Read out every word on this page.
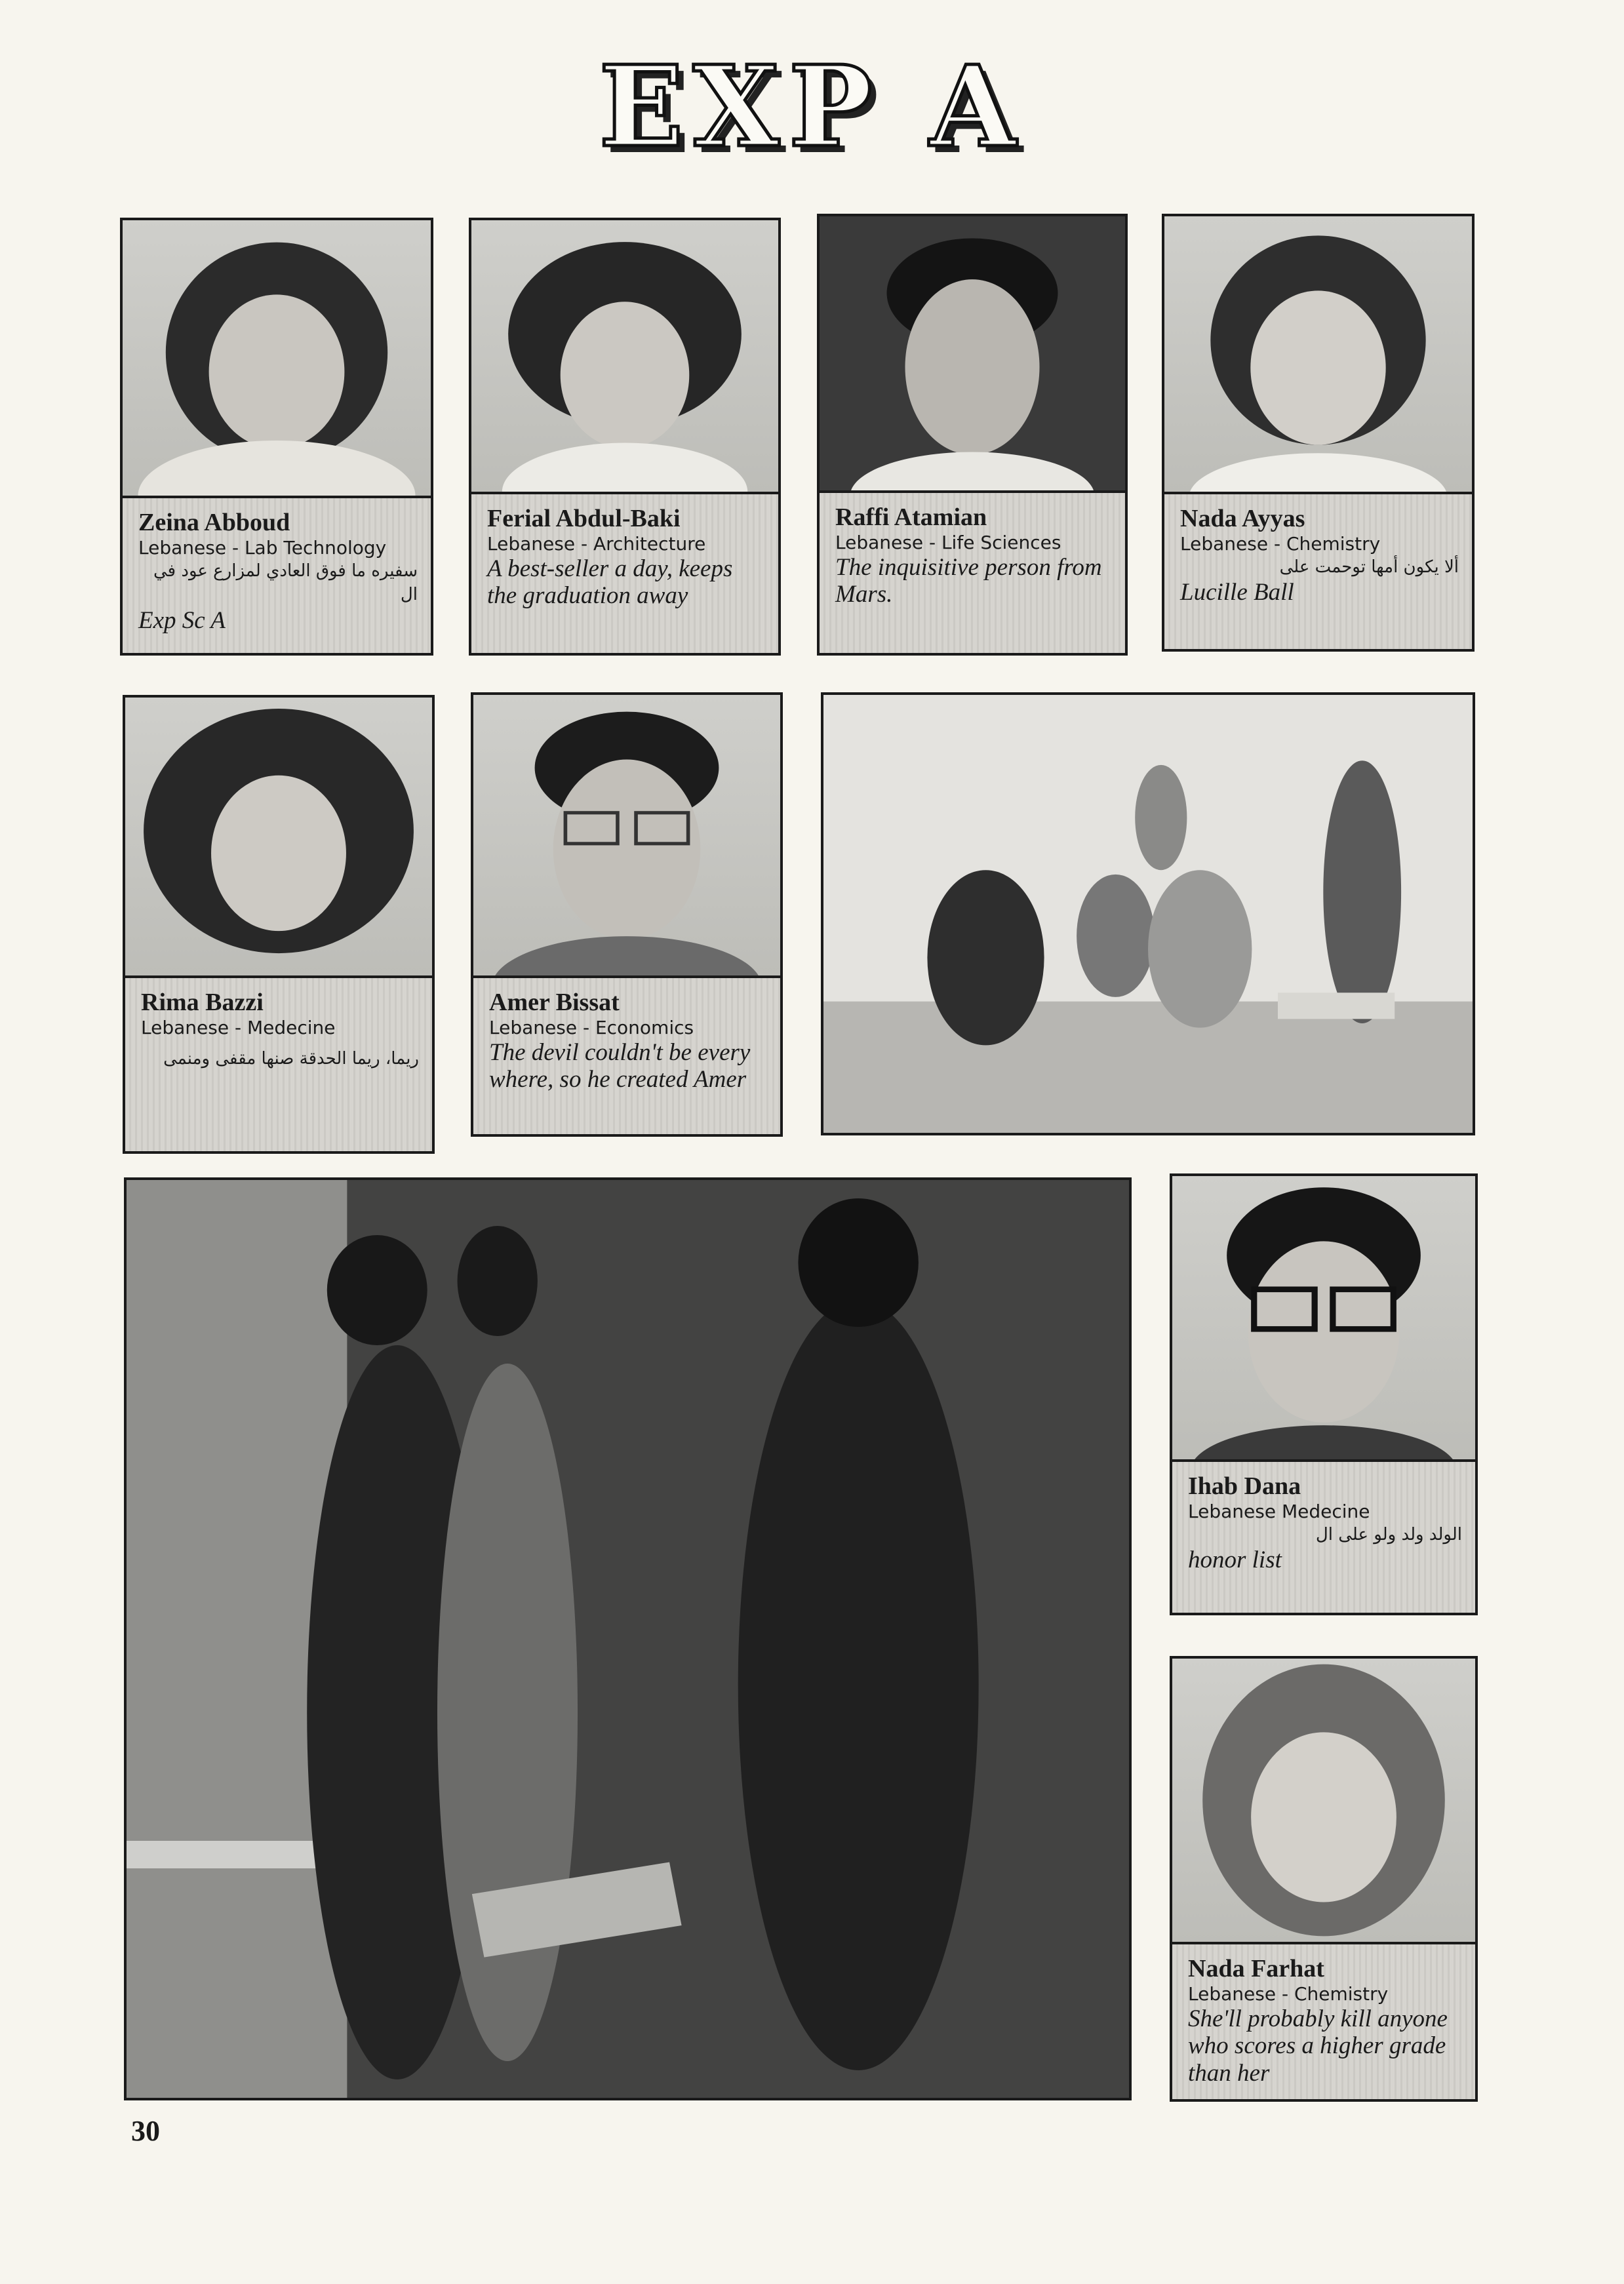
EXP A
Zeina Abboud
Lebanese - Lab Technology
سفيره ما فوق العادي لمزارع عود في ال
Exp Sc A
Ferial Abdul-Baki
Lebanese - Architecture
A best-seller a day, keeps the graduation away
Raffi Atamian
Lebanese - Life Sciences
The inquisitive person from Mars.
Nada Ayyas
Lebanese - Chemistry
ألا يكون أمها توحمت على
Lucille Ball
Rima Bazzi
Lebanese - Medecine
ريما، ريما الحدقة صنها مقفى ومنمى
Amer Bissat
Lebanese - Economics
The devil couldn't be every where, so he created Amer
Ihab Dana
Lebanese Medecine
الولد ولد ولو على ال
honor list
Nada Farhat
Lebanese - Chemistry
She'll probably kill anyone who scores a higher grade than her
30
